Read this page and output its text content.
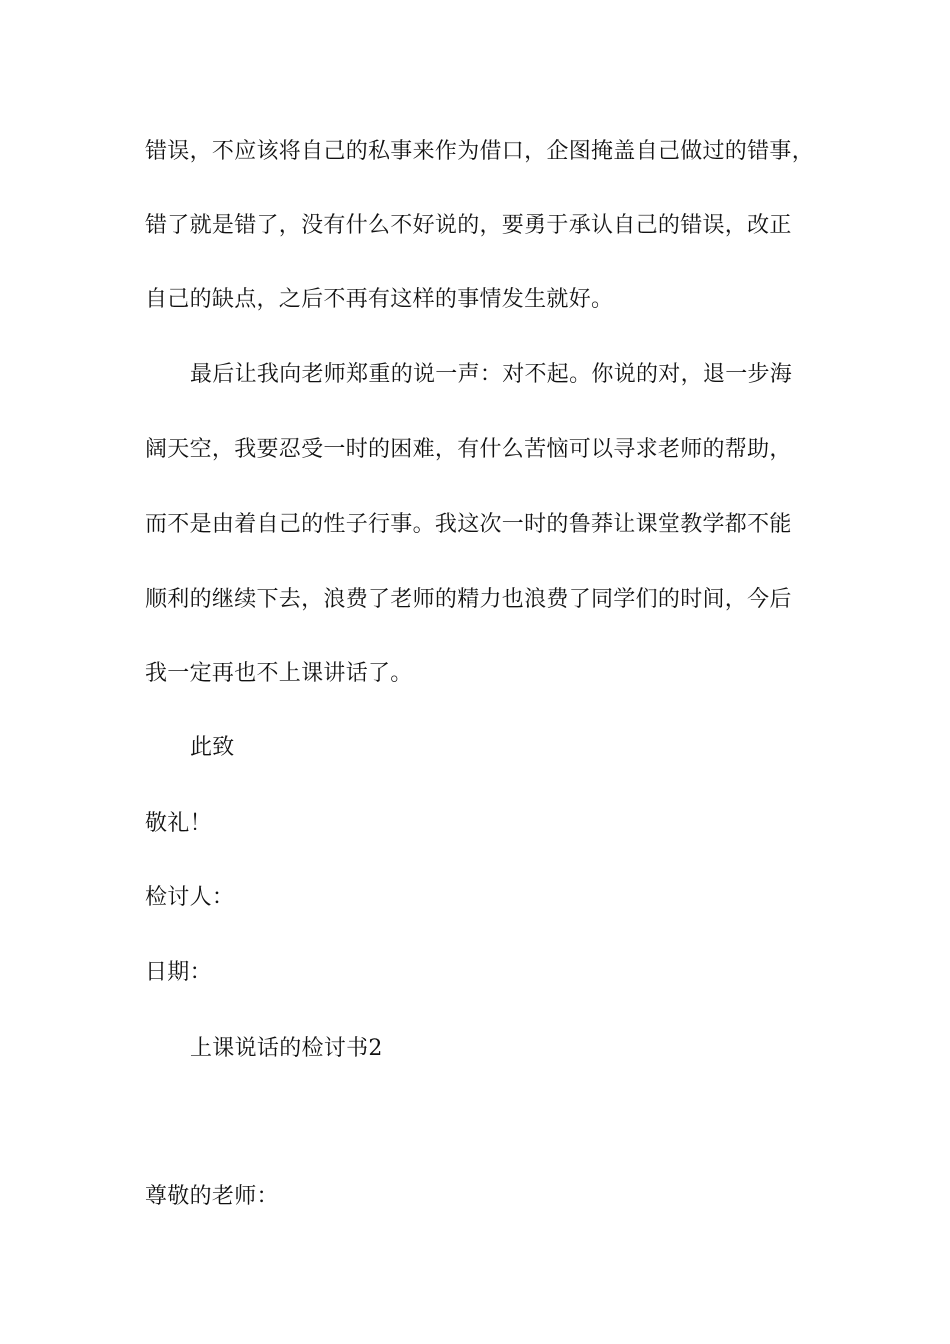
错误，不应该将自己的私事来作为借口，企图掩盖自己做过的错事，
错了就是错了，没有什么不好说的，要勇于承认自己的错误，改正
自己的缺点，之后不再有这样的事情发生就好。
最后让我向老师郑重的说一声：对不起。你说的对，退一步海
阔天空，我要忍受一时的困难，有什么苦恼可以寻求老师的帮助，
而不是由着自己的性子行事。我这次一时的鲁莽让课堂教学都不能
顺利的继续下去，浪费了老师的精力也浪费了同学们的时间，今后
我一定再也不上课讲话了。
此致
敬礼！
检讨人：
日期：
上课说话的检讨书2
尊敬的老师：
